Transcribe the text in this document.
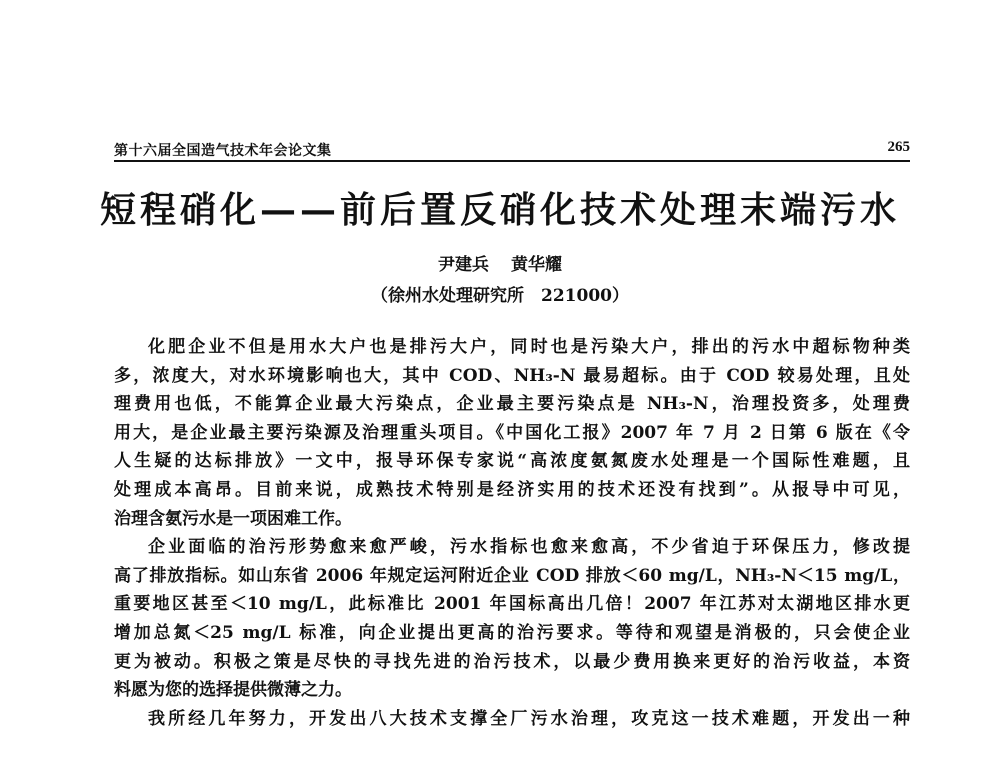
第十六届全国造气技术年会论文集	265
短程硝化——前后置反硝化技术处理末端污水
尹建兵 黄华耀
（徐州水处理研究所　221000）
化肥企业不但是用水大户也是排污大户，同时也是污染大户，排出的污水中超标物种类
多，浓度大，对水环境影响也大，其中 COD、NH₃-N 最易超标。由于 COD 较易处理，且处
理费用也低，不能算企业最大污染点，企业最主要污染点是 NH₃-N，治理投资多，处理费
用大，是企业最主要污染源及治理重头项目。《中国化工报》2007 年 7 月 2 日第 6 版在《令
人生疑的达标排放》一文中，报导环保专家说“高浓度氨氮废水处理是一个国际性难题，且
处理成本高昂。目前来说，成熟技术特别是经济实用的技术还没有找到”。从报导中可见，
治理含氨污水是一项困难工作。
企业面临的治污形势愈来愈严峻，污水指标也愈来愈高，不少省迫于环保压力，修改提
高了排放指标。如山东省 2006 年规定运河附近企业 COD 排放＜60 mg/L，NH₃-N＜15 mg/L，
重要地区甚至＜10 mg/L，此标准比 2001 年国标高出几倍！2007 年江苏对太湖地区排水更
增加总氮＜25 mg/L 标准，向企业提出更高的治污要求。等待和观望是消极的，只会使企业
更为被动。积极之策是尽快的寻找先进的治污技术，以最少费用换来更好的治污收益，本资
料愿为您的选择提供微薄之力。
我所经几年努力，开发出八大技术支撑全厂污水治理，攻克这一技术难题，开发出一种
